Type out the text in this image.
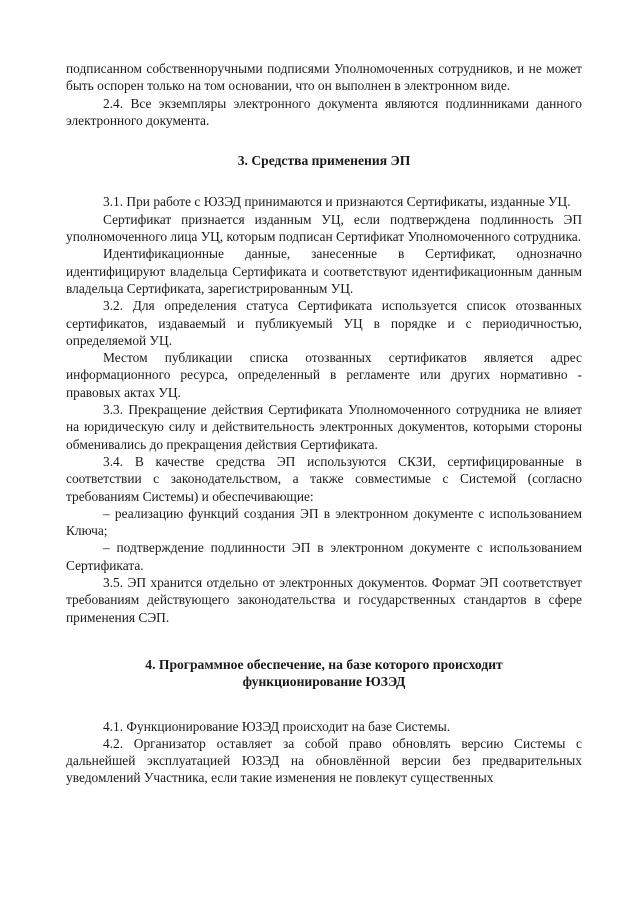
подписанном собственноручными подписями Уполномоченных сотрудников, и не может быть оспорен только на том основании, что он выполнен в электронном виде.

2.4. Все экземпляры электронного документа являются подлинниками данного электронного документа.

3. Средства применения ЭП

3.1. При работе с ЮЗЭД принимаются и признаются Сертификаты, изданные УЦ.

Сертификат признается изданным УЦ, если подтверждена подлинность ЭП уполномоченного лица УЦ, которым подписан Сертификат Уполномоченного сотрудника.

Идентификационные данные, занесенные в Сертификат, однозначно идентифицируют владельца Сертификата и соответствуют идентификационным данным владельца Сертификата, зарегистрированным УЦ.

3.2. Для определения статуса Сертификата используется список отозванных сертификатов, издаваемый и публикуемый УЦ в порядке и с периодичностью, определяемой УЦ.

Местом публикации списка отозванных сертификатов является адрес информационного ресурса, определенный в регламенте или других нормативно - правовых актах УЦ.

3.3. Прекращение действия Сертификата Уполномоченного сотрудника не влияет на юридическую силу и действительность электронных документов, которыми стороны обменивались до прекращения действия Сертификата.

3.4. В качестве средства ЭП используются СКЗИ, сертифицированные в соответствии с законодательством, а также совместимые с Системой (согласно требованиям Системы) и обеспечивающие:

– реализацию функций создания ЭП в электронном документе с использованием Ключа;

– подтверждение подлинности ЭП в электронном документе с использованием Сертификата.

3.5. ЭП хранится отдельно от электронных документов. Формат ЭП соответствует требованиям действующего законодательства и государственных стандартов в сфере применения СЭП.

4. Программное обеспечение, на базе которого происходит
функционирование ЮЗЭД

4.1. Функционирование ЮЗЭД происходит на базе Системы.

4.2. Организатор оставляет за собой право обновлять версию Системы с дальнейшей эксплуатацией ЮЗЭД на обновлённой версии без предварительных уведомлений Участника, если такие изменения не повлекут существенных
